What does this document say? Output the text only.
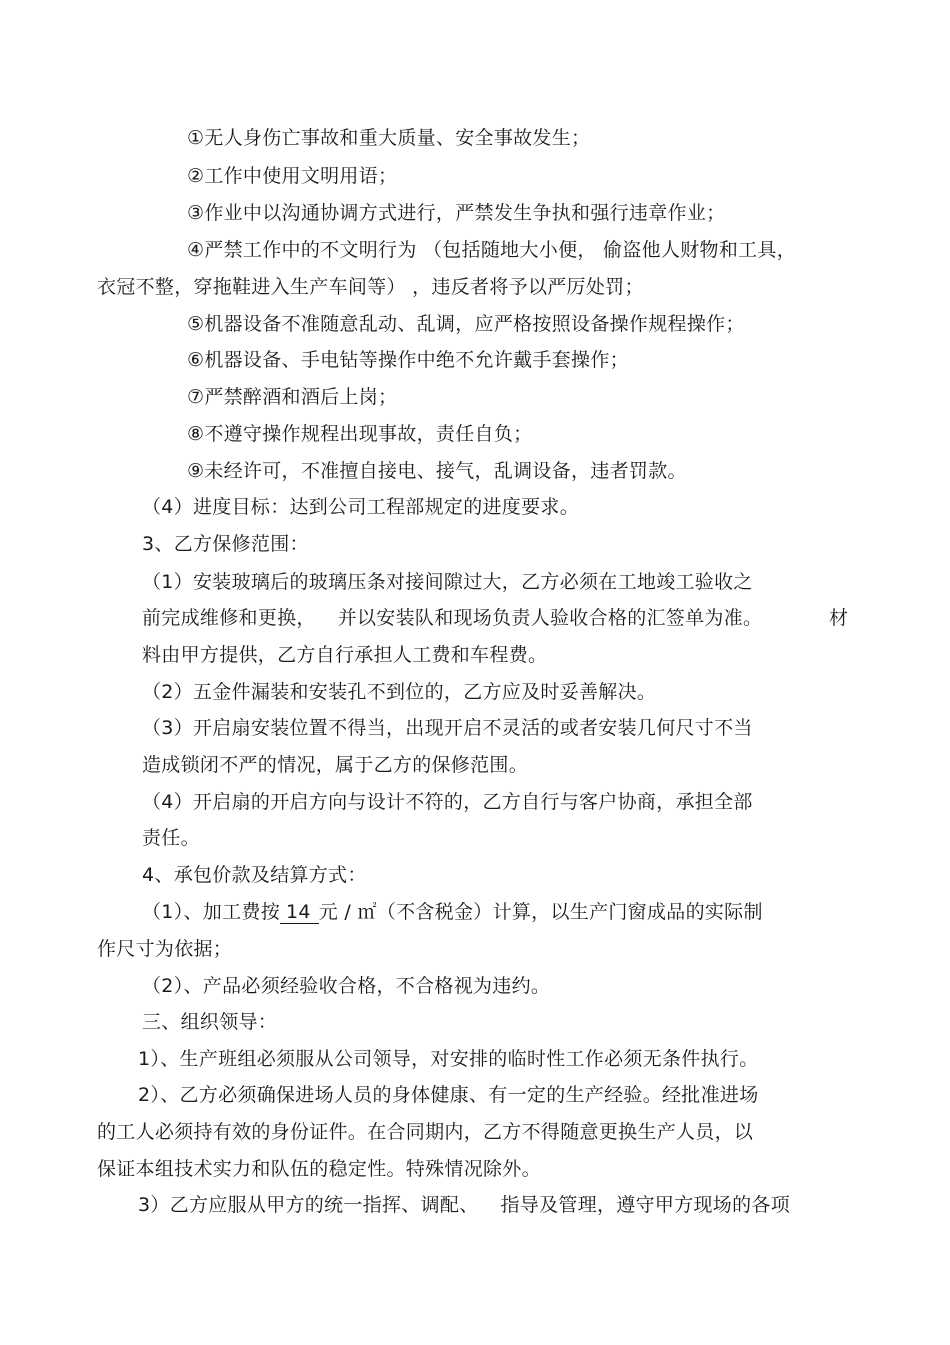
①无人身伤亡事故和重大质量、安全事故发生；
②工作中使用文明用语；
③作业中以沟通协调方式进行，严禁发生争执和强行违章作业；
④严禁工作中的不文明行为 （包括随地大小便， 偷盗他人财物和工具，
衣冠不整，穿拖鞋进入生产车间等） ，违反者将予以严厉处罚；
⑤机器设备不准随意乱动、乱调，应严格按照设备操作规程操作；
⑥机器设备、手电钻等操作中绝不允许戴手套操作；
⑦严禁醉酒和酒后上岗；
⑧不遵守操作规程出现事故，责任自负；
⑨未经许可，不准擅自接电、接气，乱调设备，违者罚款。
（4）进度目标：达到公司工程部规定的进度要求。
3、乙方保修范围：
（1）安装玻璃后的玻璃压条对接间隙过大，乙方必须在工地竣工验收之
前完成维修和更换， 并以安装队和现场负责人验收合格的汇签单为准。	材
料由甲方提供，乙方自行承担人工费和车程费。
（2）五金件漏装和安装孔不到位的，乙方应及时妥善解决。
（3）开启扇安装位置不得当，出现开启不灵活的或者安装几何尺寸不当
造成锁闭不严的情况，属于乙方的保修范围。
（4）开启扇的开启方向与设计不符的，乙方自行与客户协商，承担全部
责任。
4、承包价款及结算方式：
（1）、加工费按 14 元 / ㎡（不含税金）计算，以生产门窗成品的实际制
作尺寸为依据；
（2）、产品必须经验收合格，不合格视为违约。
三、组织领导：
1）、生产班组必须服从公司领导，对安排的临时性工作必须无条件执行。
2）、乙方必须确保进场人员的身体健康、有一定的生产经验。经批准进场
的工人必须持有效的身份证件。在合同期内，乙方不得随意更换生产人员，以
保证本组技术实力和队伍的稳定性。特殊情况除外。
3）乙方应服从甲方的统一指挥、调配、 指导及管理，遵守甲方现场的各项
